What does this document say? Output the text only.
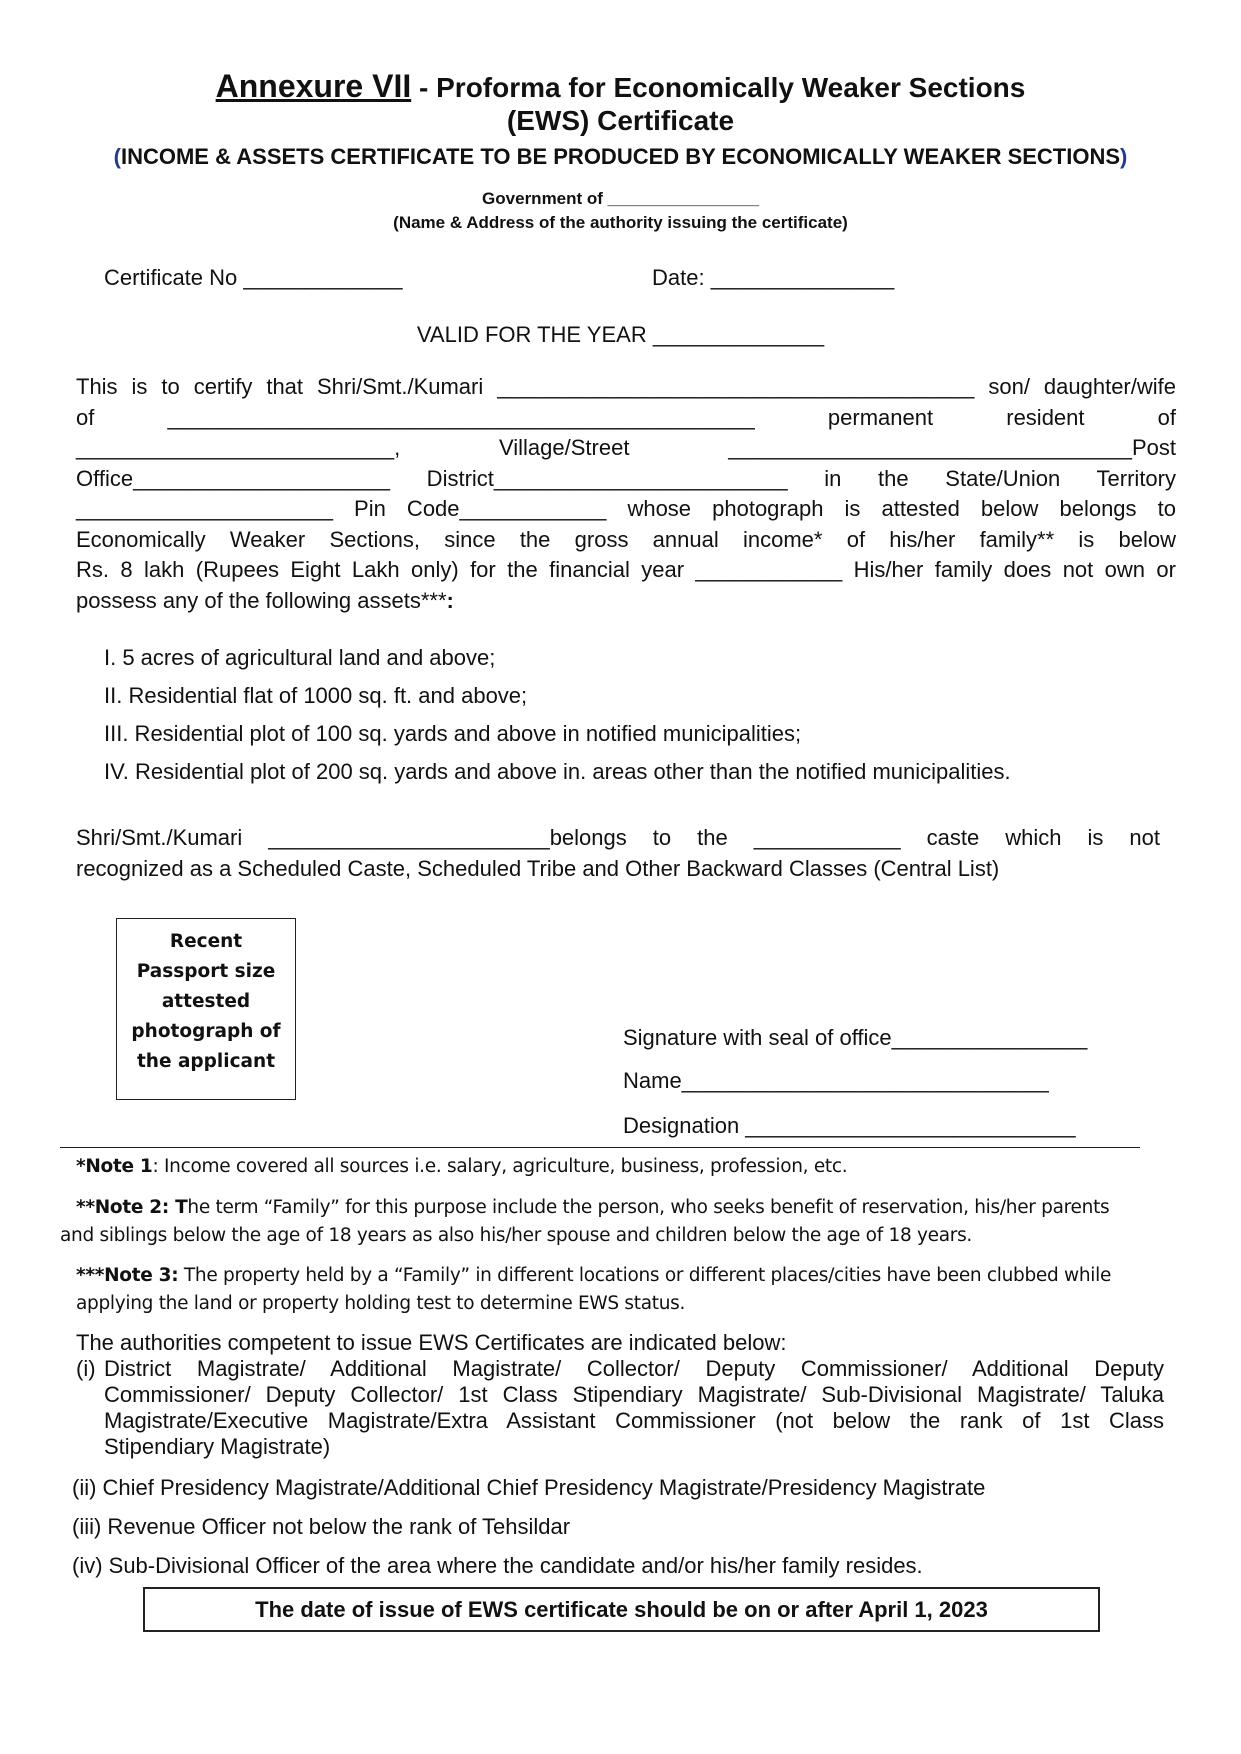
Annexure VII - Proforma for Economically Weaker Sections
(EWS) Certificate
(INCOME & ASSETS CERTIFICATE TO BE PRODUCED BY ECONOMICALLY WEAKER SECTIONS)
Government of ________________
(Name & Address of the authority issuing the certificate)
Certificate No _____________	Date: _______________
VALID FOR THE YEAR ______________
This is to certify that Shri/Smt./Kumari _______________________________________ son/ daughter/wife
of ________________________________________________ permanent resident of
__________________________, Village/Street _________________________________Post
Office_____________________ District________________________ in the State/Union Territory
_____________________ Pin Code____________ whose photograph is attested below belongs to
Economically Weaker Sections, since the gross annual income* of his/her family** is below
Rs. 8 lakh (Rupees Eight Lakh only) for the financial year ____________ His/her family does not own or
possess any of the following assets***:
I. 5 acres of agricultural land and above;
II. Residential flat of 1000 sq. ft. and above;
III. Residential plot of 100 sq. yards and above in notified municipalities;
IV. Residential plot of 200 sq. yards and above in. areas other than the notified municipalities.
Shri/Smt./Kumari _______________________belongs to the ____________ caste which is not
recognized as a Scheduled Caste, Scheduled Tribe and Other Backward Classes (Central List)
Recent
Passport size
attested
photograph of
the applicant
Signature with seal of office________________
Name______________________________
Designation ___________________________
*Note 1: Income covered all sources i.e. salary, agriculture, business, profession, etc.
**Note 2: The term “Family” for this purpose include the person, who seeks benefit of reservation, his/her parents
and siblings below the age of 18 years as also his/her spouse and children below the age of 18 years.
***Note 3: The property held by a “Family” in different locations or different places/cities have been clubbed while
applying the land or property holding test to determine EWS status.
The authorities competent to issue EWS Certificates are indicated below:
(i) District Magistrate/ Additional Magistrate/ Collector/ Deputy Commissioner/ Additional Deputy
Commissioner/ Deputy Collector/ 1st Class Stipendiary Magistrate/ Sub-Divisional Magistrate/ Taluka
Magistrate/Executive Magistrate/Extra Assistant Commissioner (not below the rank of 1st Class
Stipendiary Magistrate)
(ii) Chief Presidency Magistrate/Additional Chief Presidency Magistrate/Presidency Magistrate
(iii) Revenue Officer not below the rank of Tehsildar
(iv) Sub-Divisional Officer of the area where the candidate and/or his/her family resides.
The date of issue of EWS certificate should be on or after April 1, 2023
